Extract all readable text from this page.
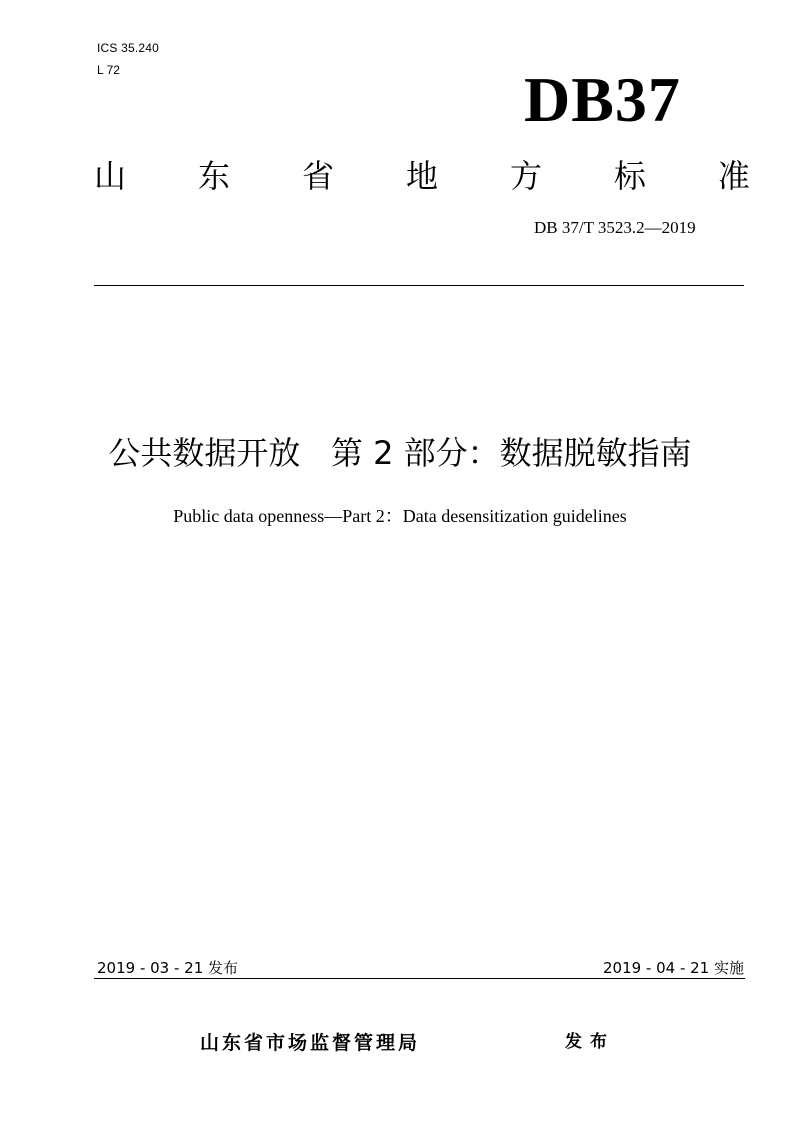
ICS 35.240
L 72	DB37
山 东 省 地 方 标 准
DB 37/T 3523.2—2019
公共数据开放   第 2 部分：数据脱敏指南
Public data openness—Part 2：Data desensitization guidelines
2019 - 03 - 21 发布	2019 - 04 - 21 实施
山东省市场监督管理局	发布
